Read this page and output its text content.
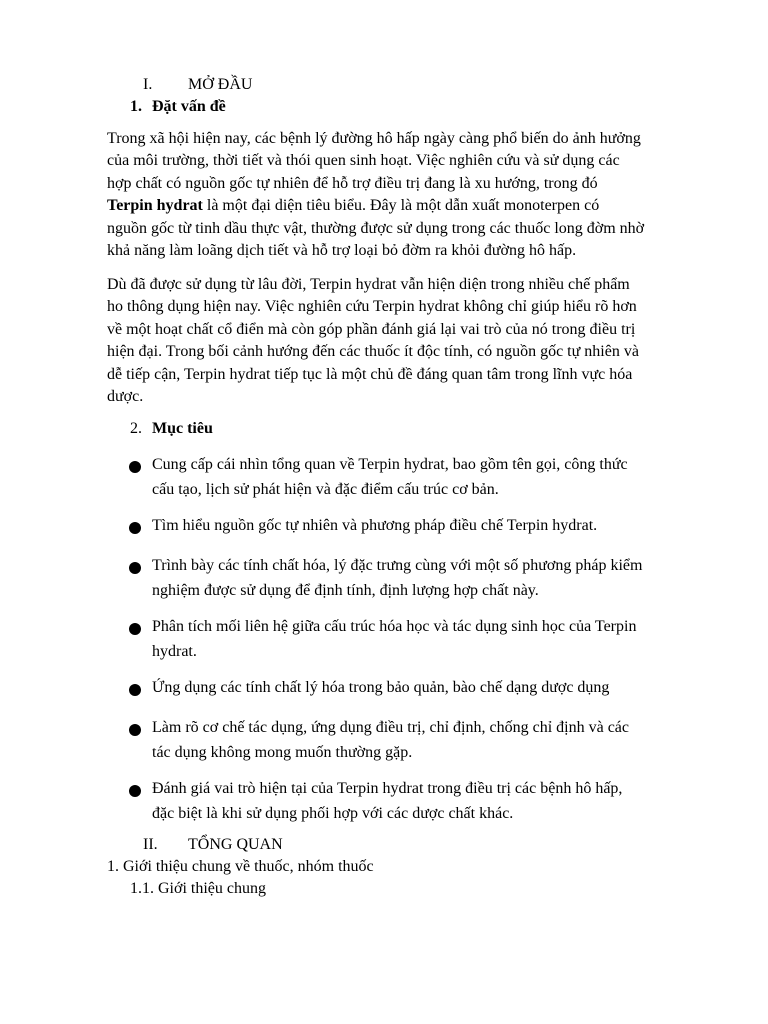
I. MỞ ĐẦU
1. Đặt vấn đề
Trong xã hội hiện nay, các bệnh lý đường hô hấp ngày càng phổ biến do ảnh hưởng
của môi trường, thời tiết và thói quen sinh hoạt. Việc nghiên cứu và sử dụng các
hợp chất có nguồn gốc tự nhiên để hỗ trợ điều trị đang là xu hướng, trong đó
Terpin hydrat là một đại diện tiêu biểu. Đây là một dẫn xuất monoterpen có
nguồn gốc từ tinh dầu thực vật, thường được sử dụng trong các thuốc long đờm nhờ
khả năng làm loãng dịch tiết và hỗ trợ loại bỏ đờm ra khỏi đường hô hấp.
Dù đã được sử dụng từ lâu đời, Terpin hydrat vẫn hiện diện trong nhiều chế phẩm
ho thông dụng hiện nay. Việc nghiên cứu Terpin hydrat không chỉ giúp hiểu rõ hơn
về một hoạt chất cổ điển mà còn góp phần đánh giá lại vai trò của nó trong điều trị
hiện đại. Trong bối cảnh hướng đến các thuốc ít độc tính, có nguồn gốc tự nhiên và
dễ tiếp cận, Terpin hydrat tiếp tục là một chủ đề đáng quan tâm trong lĩnh vực hóa
dược.
2. Mục tiêu
Cung cấp cái nhìn tổng quan về Terpin hydrat, bao gồm tên gọi, công thức
cấu tạo, lịch sử phát hiện và đặc điểm cấu trúc cơ bản.
Tìm hiểu nguồn gốc tự nhiên và phương pháp điều chế Terpin hydrat.
Trình bày các tính chất hóa, lý đặc trưng cùng với một số phương pháp kiểm
nghiệm được sử dụng để định tính, định lượng hợp chất này.
Phân tích mối liên hệ giữa cấu trúc hóa học và tác dụng sinh học của Terpin
hydrat.
Ứng dụng các tính chất lý hóa trong bảo quản, bào chế dạng dược dụng
Làm rõ cơ chế tác dụng, ứng dụng điều trị, chỉ định, chống chỉ định và các
tác dụng không mong muốn thường gặp.
Đánh giá vai trò hiện tại của Terpin hydrat trong điều trị các bệnh hô hấp,
đặc biệt là khi sử dụng phối hợp với các dược chất khác.
II. TỔNG QUAN
1. Giới thiệu chung về thuốc, nhóm thuốc
1.1. Giới thiệu chung
